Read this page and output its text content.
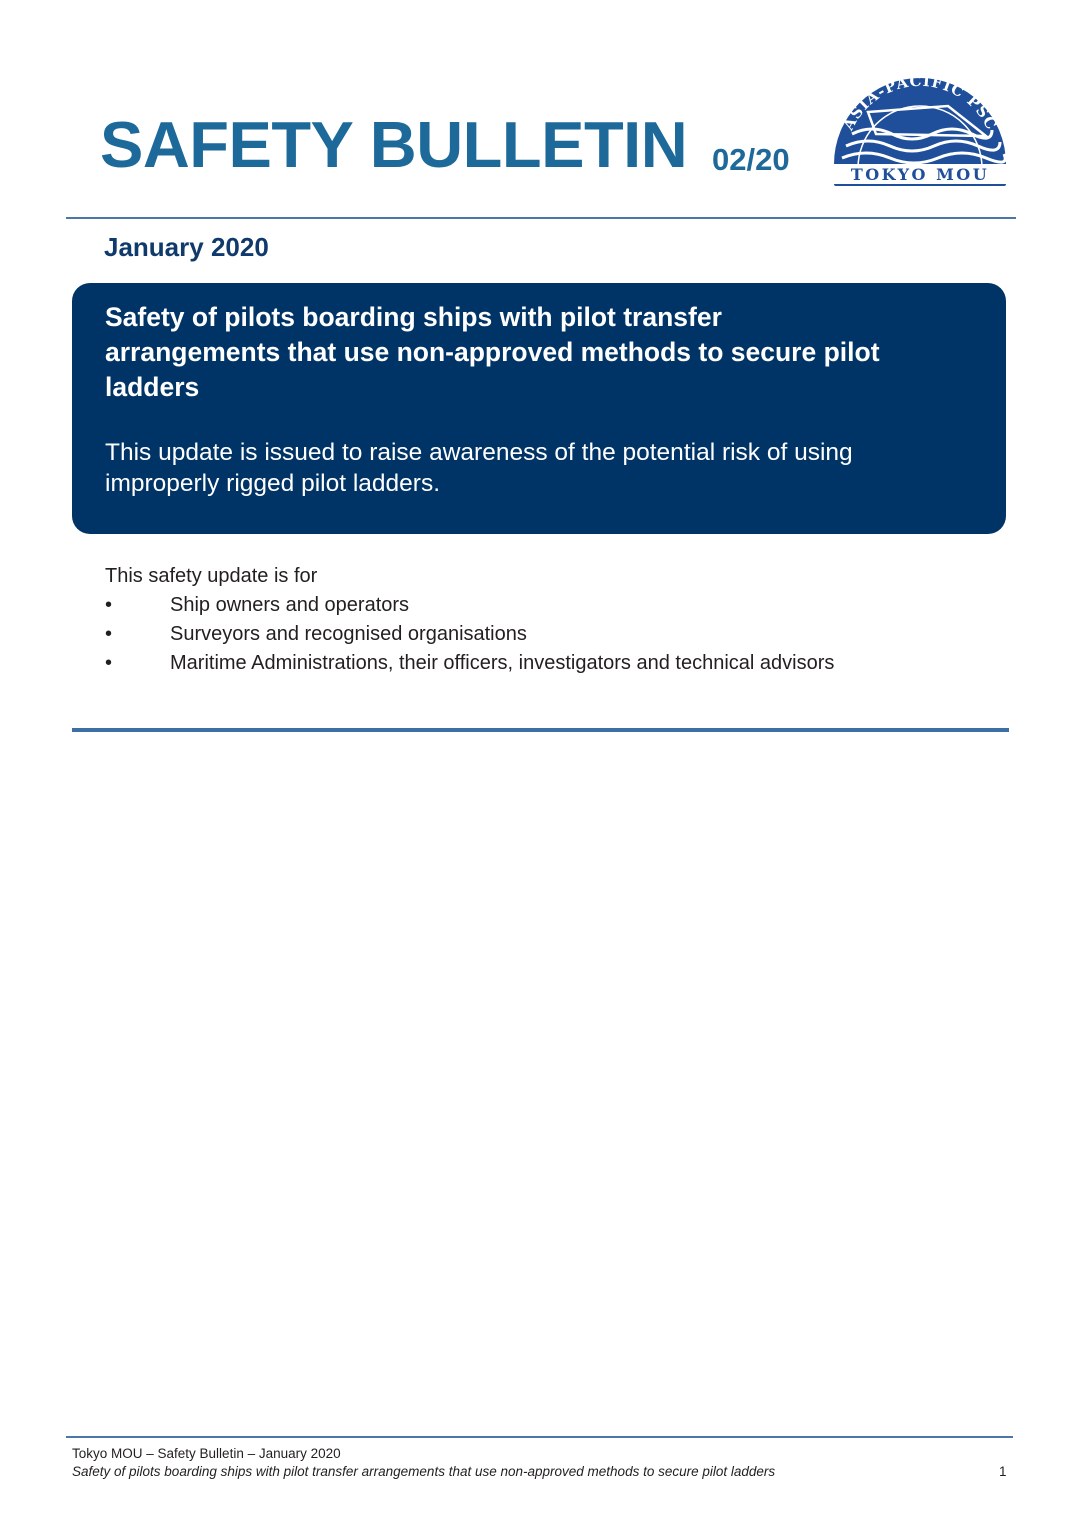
SAFETY BULLETIN 02/20
ASIA-PACIFIC PSC
TOKYO MOU
January 2020
Safety of pilots boarding ships with pilot transfer
arrangements that use non-approved methods to secure pilot
ladders
This update is issued to raise awareness of the potential risk of using
improperly rigged pilot ladders.
This safety update is for
•	Ship owners and operators
•	Surveyors and recognised organisations
•	Maritime Administrations, their officers, investigators and technical advisors
Tokyo MOU – Safety Bulletin – January 2020
Safety of pilots boarding ships with pilot transfer arrangements that use non-approved methods to secure pilot ladders	1
